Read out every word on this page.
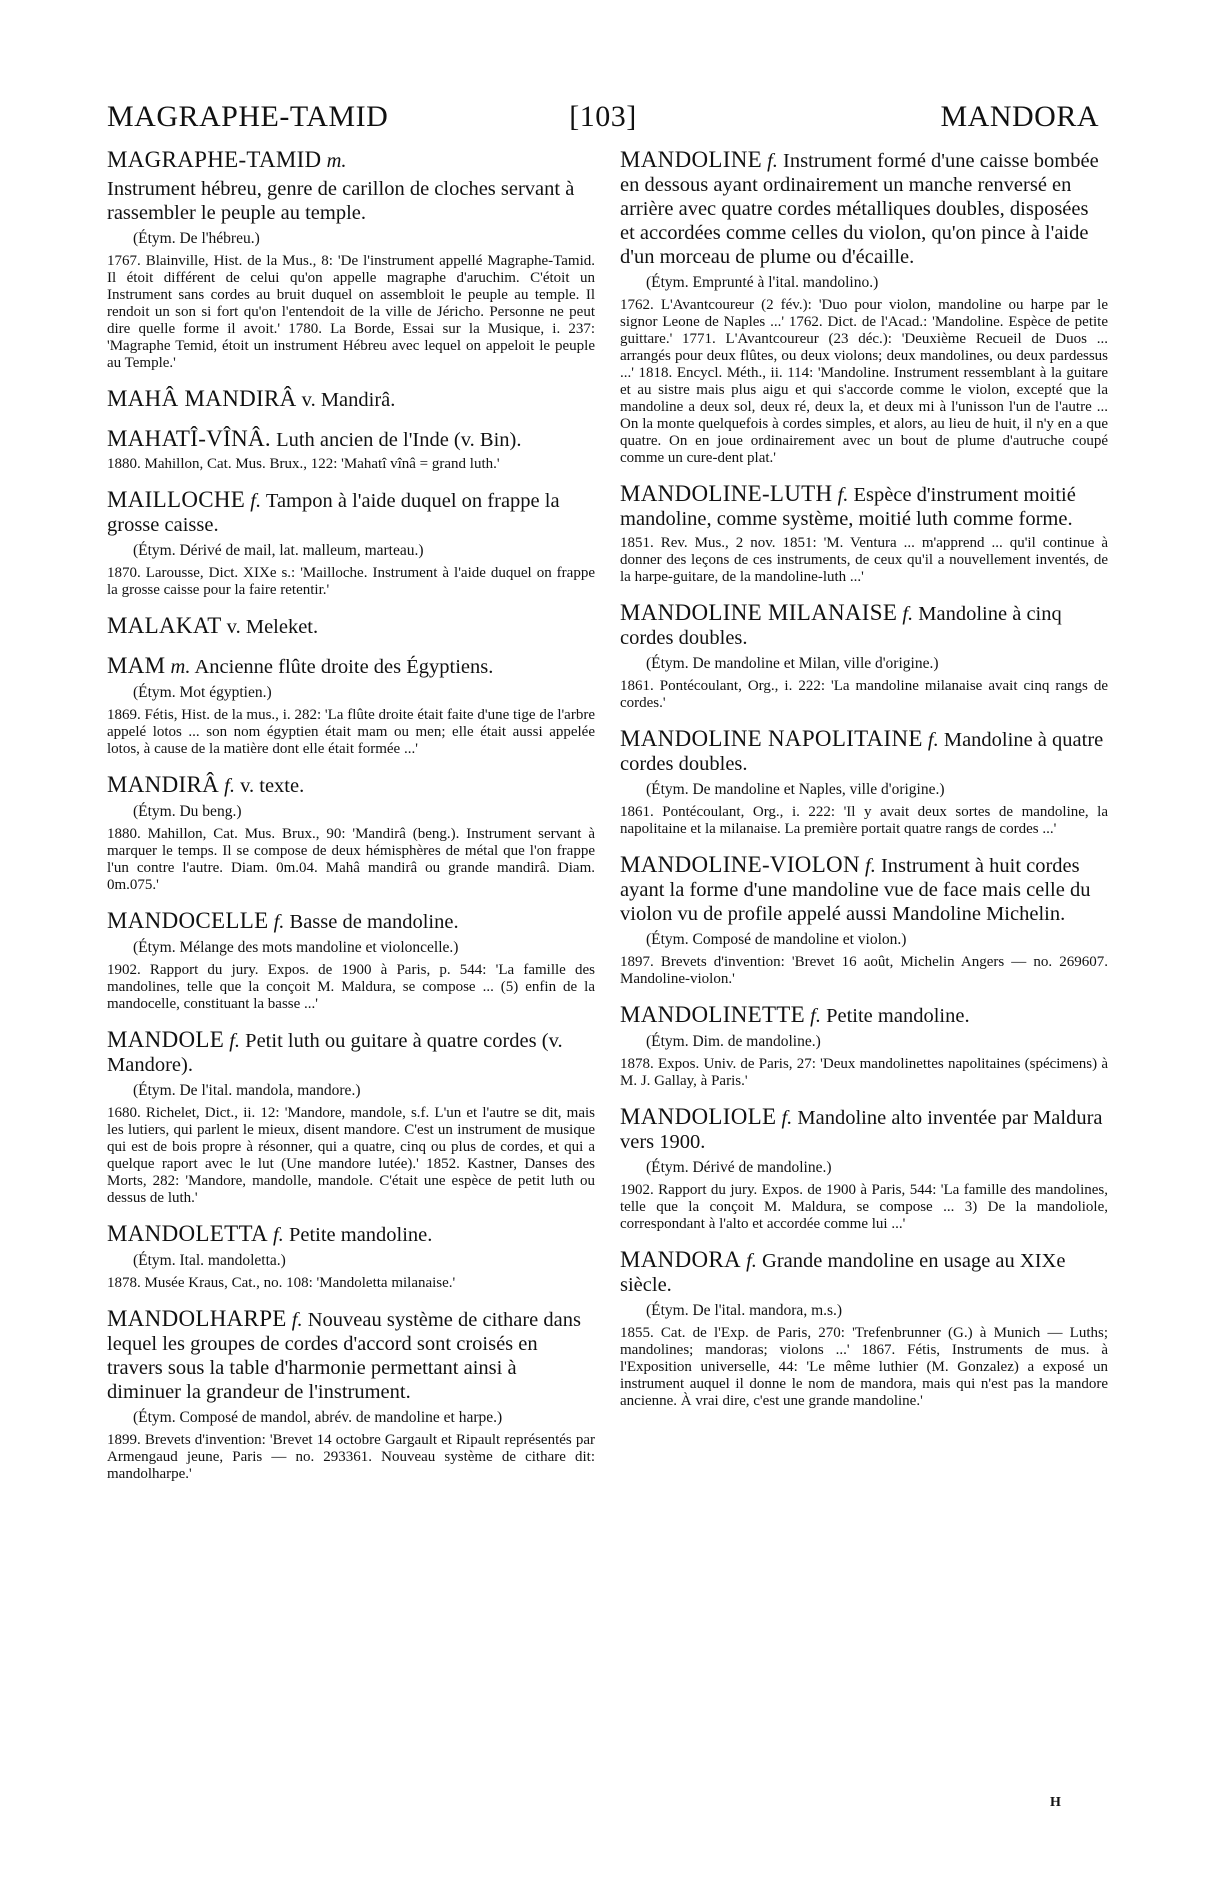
MAGRAPHE-TAMID	[103]	MANDORA

MAGRAPHE-TAMID m.

Instrument hébreu, genre de carillon de cloches servant à rassembler le peuple au temple.

(Étym. De l'hébreu.)

1767. Blainville, Hist. de la Mus., 8: 'De l'instrument appellé Magraphe-Tamid. Il étoit différent de celui qu'on appelle magraphe d'aruchim. C'étoit un Instrument sans cordes au bruit duquel on assembloit le peuple au temple. Il rendoit un son si fort qu'on l'entendoit de la ville de Jéricho. Personne ne peut dire quelle forme il avoit.' 1780. La Borde, Essai sur la Musique, i. 237: 'Magraphe Temid, étoit un instrument Hébreu avec lequel on appeloit le peuple au Temple.'

MAHÂ MANDIRÂ v. Mandirâ.

MAHATÎ-VÎNÂ. Luth ancien de l'Inde (v. Bin).

1880. Mahillon, Cat. Mus. Brux., 122: 'Mahatî vînâ = grand luth.'

MAILLOCHE f. Tampon à l'aide duquel on frappe la grosse caisse.

(Étym. Dérivé de mail, lat. malleum, marteau.)

1870. Larousse, Dict. XIXe s.: 'Mailloche. Instrument à l'aide duquel on frappe la grosse caisse pour la faire retentir.'

MALAKAT v. Meleket.

MAM m. Ancienne flûte droite des Égyptiens.

(Étym. Mot égyptien.)

1869. Fétis, Hist. de la mus., i. 282: 'La flûte droite était faite d'une tige de l'arbre appelé lotos ... son nom égyptien était mam ou men; elle était aussi appelée lotos, à cause de la matière dont elle était formée ...'

MANDIRÂ f. v. texte.

(Étym. Du beng.)

1880. Mahillon, Cat. Mus. Brux., 90: 'Mandirâ (beng.). Instrument servant à marquer le temps. Il se compose de deux hémisphères de métal que l'on frappe l'un contre l'autre. Diam. 0m.04. Mahâ mandirâ ou grande mandirâ. Diam. 0m.075.'

MANDOCELLE f. Basse de mandoline.

(Étym. Mélange des mots mandoline et violoncelle.)

1902. Rapport du jury. Expos. de 1900 à Paris, p. 544: 'La famille des mandolines, telle que la conçoit M. Maldura, se compose ... (5) enfin de la mandocelle, constituant la basse ...'

MANDOLE f. Petit luth ou guitare à quatre cordes (v. Mandore).

(Étym. De l'ital. mandola, mandore.)

1680. Richelet, Dict., ii. 12: 'Mandore, mandole, s.f. L'un et l'autre se dit, mais les lutiers, qui parlent le mieux, disent mandore. C'est un instrument de musique qui est de bois propre à résonner, qui a quatre, cinq ou plus de cordes, et qui a quelque raport avec le lut (Une mandore lutée).' 1852. Kastner, Danses des Morts, 282: 'Mandore, mandolle, mandole. C'était une espèce de petit luth ou dessus de luth.'

MANDOLETTA f. Petite mandoline.

(Étym. Ital. mandoletta.)

1878. Musée Kraus, Cat., no. 108: 'Mandoletta milanaise.'

MANDOLHARPE f. Nouveau système de cithare dans lequel les groupes de cordes d'accord sont croisés en travers sous la table d'harmonie permettant ainsi à diminuer la grandeur de l'instrument.

(Étym. Composé de mandol, abrév. de mandoline et harpe.)

1899. Brevets d'invention: 'Brevet 14 octobre Gargault et Ripault représentés par Armengaud jeune, Paris — no. 293361. Nouveau système de cithare dit: mandolharpe.'

MANDOLINE f. Instrument formé d'une caisse bombée en dessous ayant ordinairement un manche renversé en arrière avec quatre cordes métalliques doubles, disposées et accordées comme celles du violon, qu'on pince à l'aide d'un morceau de plume ou d'écaille.

(Étym. Emprunté à l'ital. mandolino.)

1762. L'Avantcoureur (2 fév.): 'Duo pour violon, mandoline ou harpe par le signor Leone de Naples ...' 1762. Dict. de l'Acad.: 'Mandoline. Espèce de petite guittare.' 1771. L'Avantcoureur (23 déc.): 'Deuxième Recueil de Duos ... arrangés pour deux flûtes, ou deux violons; deux mandolines, ou deux pardessus ...' 1818. Encycl. Méth., ii. 114: 'Mandoline. Instrument ressemblant à la guitare et au sistre mais plus aigu et qui s'accorde comme le violon, excepté que la mandoline a deux sol, deux ré, deux la, et deux mi à l'unisson l'un de l'autre ... On la monte quelquefois à cordes simples, et alors, au lieu de huit, il n'y en a que quatre. On en joue ordinairement avec un bout de plume d'autruche coupé comme un cure-dent plat.'

MANDOLINE-LUTH f. Espèce d'instrument moitié mandoline, comme système, moitié luth comme forme.

1851. Rev. Mus., 2 nov. 1851: 'M. Ventura ... m'apprend ... qu'il continue à donner des leçons de ces instruments, de ceux qu'il a nouvellement inventés, de la harpe-guitare, de la mandoline-luth ...'

MANDOLINE MILANAISE f. Mandoline à cinq cordes doubles.

(Étym. De mandoline et Milan, ville d'origine.)

1861. Pontécoulant, Org., i. 222: 'La mandoline milanaise avait cinq rangs de cordes.'

MANDOLINE NAPOLITAINE f. Mandoline à quatre cordes doubles.

(Étym. De mandoline et Naples, ville d'origine.)

1861. Pontécoulant, Org., i. 222: 'Il y avait deux sortes de mandoline, la napolitaine et la milanaise. La première portait quatre rangs de cordes ...'

MANDOLINE-VIOLON f. Instrument à huit cordes ayant la forme d'une mandoline vue de face mais celle du violon vu de profile appelé aussi Mandoline Michelin.

(Étym. Composé de mandoline et violon.)

1897. Brevets d'invention: 'Brevet 16 août, Michelin Angers — no. 269607. Mandoline-violon.'

MANDOLINETTE f. Petite mandoline.

(Étym. Dim. de mandoline.)

1878. Expos. Univ. de Paris, 27: 'Deux mandolinettes napolitaines (spécimens) à M. J. Gallay, à Paris.'

MANDOLIOLE f. Mandoline alto inventée par Maldura vers 1900.

(Étym. Dérivé de mandoline.)

1902. Rapport du jury. Expos. de 1900 à Paris, 544: 'La famille des mandolines, telle que la conçoit M. Maldura, se compose ... 3) De la mandoliole, correspondant à l'alto et accordée comme lui ...'

MANDORA f. Grande mandoline en usage au XIXe siècle.

(Étym. De l'ital. mandora, m.s.)

1855. Cat. de l'Exp. de Paris, 270: 'Trefenbrunner (G.) à Munich — Luths; mandolines; mandoras; violons ...' 1867. Fétis, Instruments de mus. à l'Exposition universelle, 44: 'Le même luthier (M. Gonzalez) a exposé un instrument auquel il donne le nom de mandora, mais qui n'est pas la mandore ancienne. À vrai dire, c'est une grande mandoline.'

H
